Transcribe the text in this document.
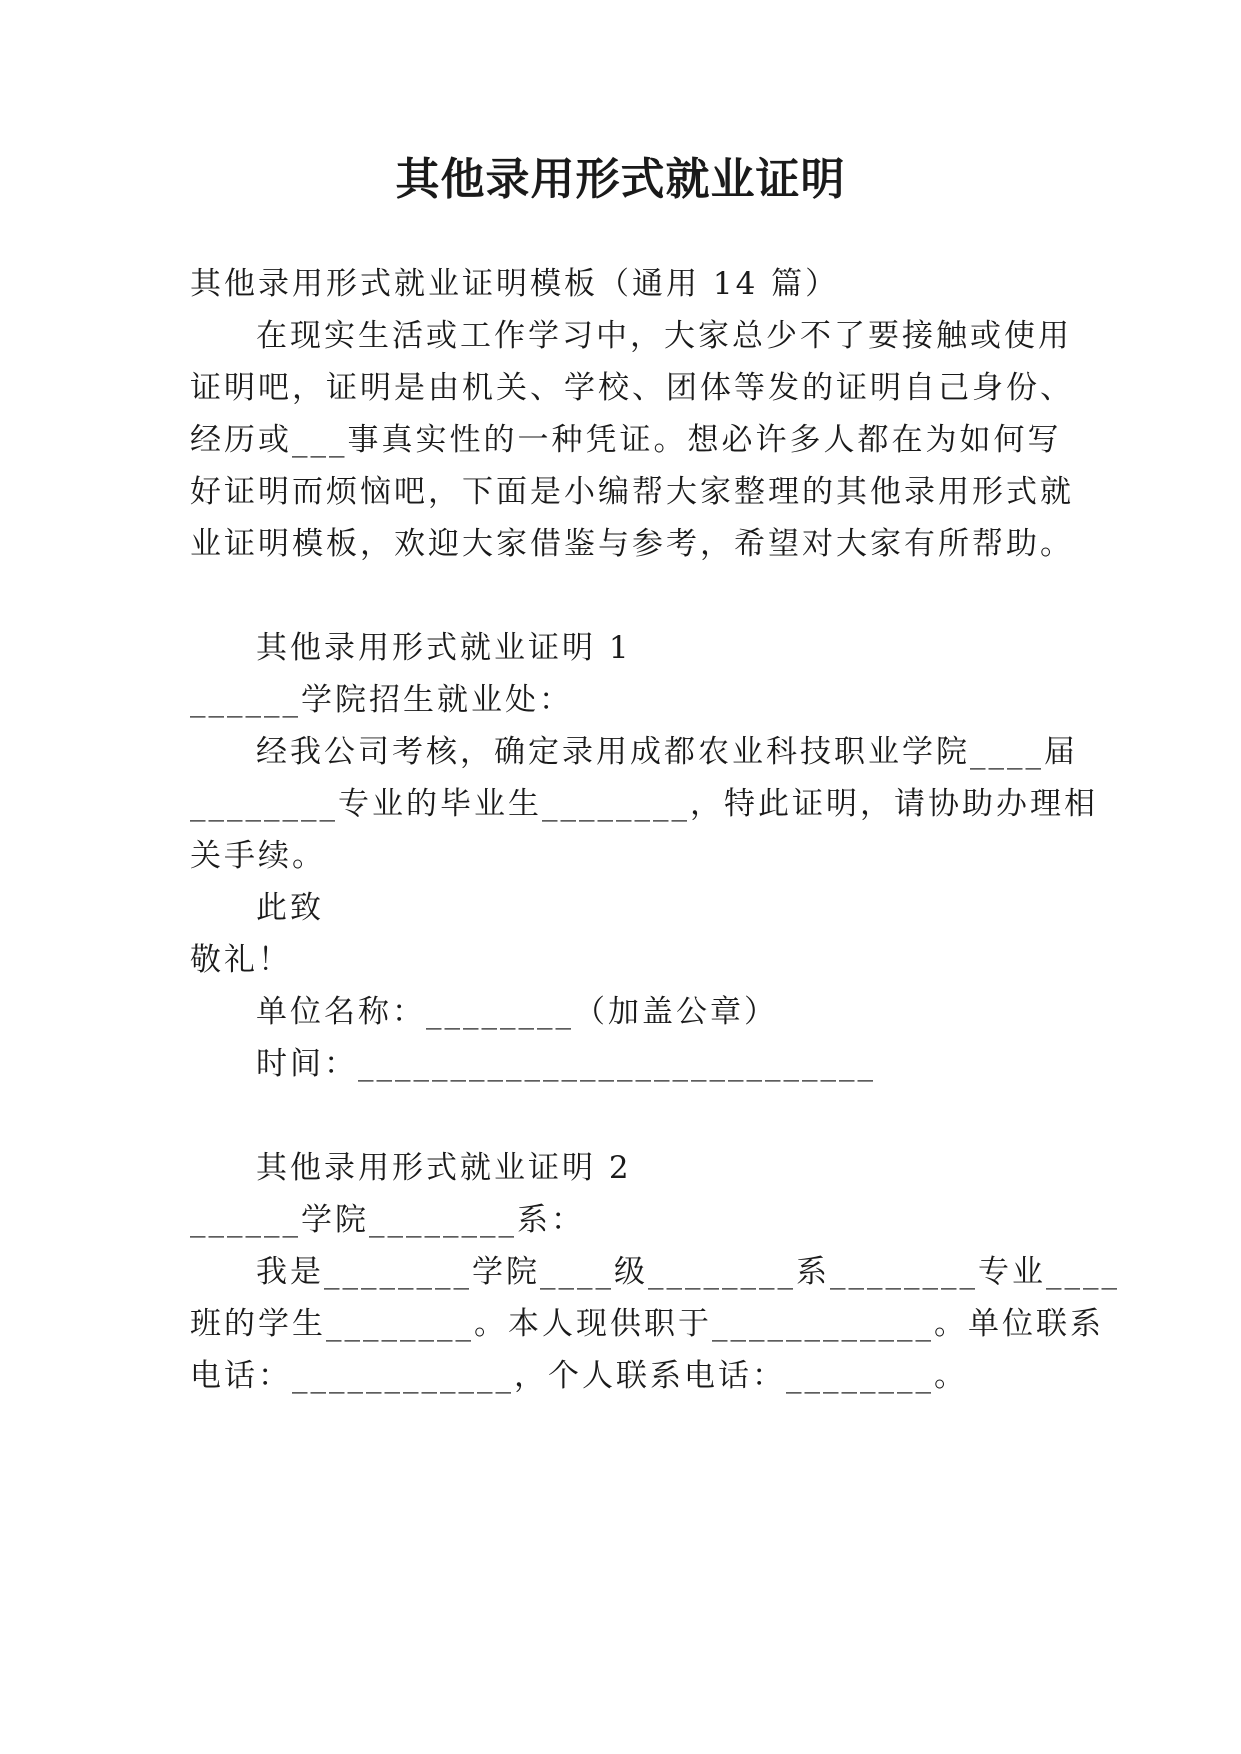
其他录用形式就业证明
其他录用形式就业证明模板（通用 14 篇）
在现实生活或工作学习中，大家总少不了要接触或使用
证明吧，证明是由机关、学校、团体等发的证明自己身份、
经历或___事真实性的一种凭证。想必许多人都在为如何写
好证明而烦恼吧，下面是小编帮大家整理的其他录用形式就
业证明模板，欢迎大家借鉴与参考，希望对大家有所帮助。
其他录用形式就业证明 1
______学院招生就业处：
经我公司考核，确定录用成都农业科技职业学院____届
________专业的毕业生________，特此证明，请协助办理相
关手续。
此致
敬礼！
单位名称：________（加盖公章）
时间：____________________________
其他录用形式就业证明 2
______学院________系：
我是________学院____级________系________专业____
班的学生________。本人现供职于____________。单位联系
电话：____________，个人联系电话：________。
